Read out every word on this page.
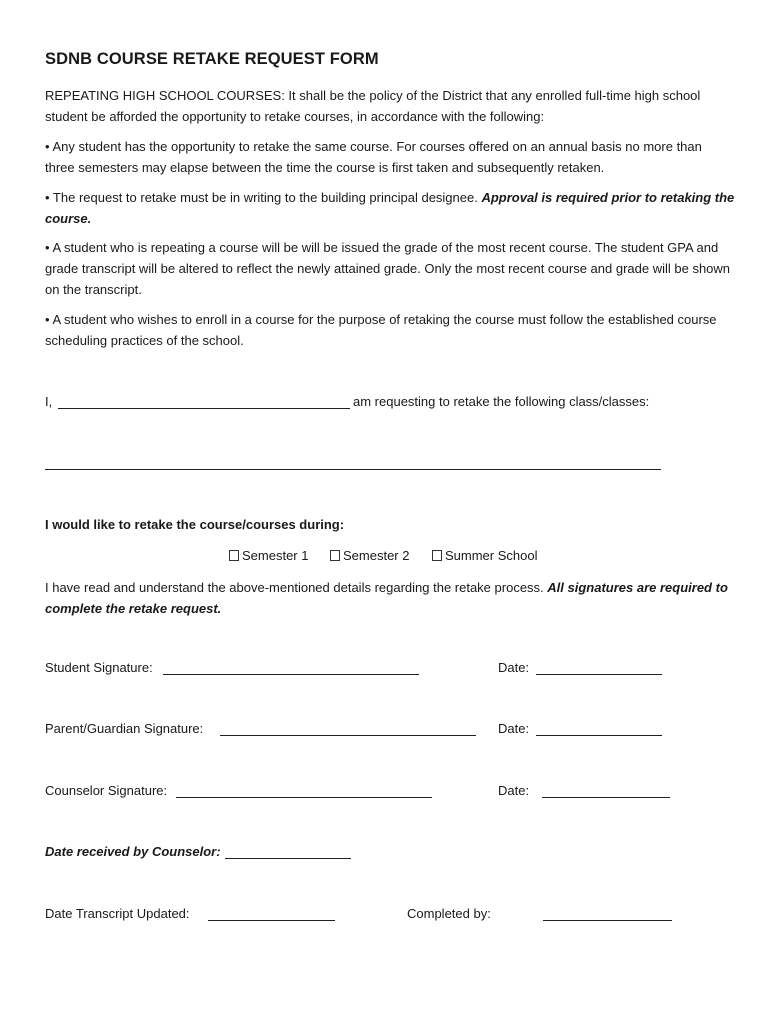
SDNB COURSE RETAKE REQUEST FORM
REPEATING HIGH SCHOOL COURSES: It shall be the policy of the District that any enrolled full-time high school student be afforded the opportunity to retake courses, in accordance with the following:
• Any student has the opportunity to retake the same course. For courses offered on an annual basis no more than three semesters may elapse between the time the course is first taken and subsequently retaken.
• The request to retake must be in writing to the building principal designee. Approval is required prior to retaking the course.
• A student who is repeating a course will be will be issued the grade of the most recent course. The student GPA and grade transcript will be altered to reflect the newly attained grade. Only the most recent course and grade will be shown on the transcript.
• A student who wishes to enroll in a course for the purpose of retaking the course must follow the established course scheduling practices of the school.
I,	am requesting to retake the following class/classes:
I would like to retake the course/courses during:
Semester 1	Semester 2	Summer School
I have read and understand the above-mentioned details regarding the retake process. All signatures are required to complete the retake request.
Student Signature:	Date:
Parent/Guardian Signature:	Date:
Counselor Signature:	Date:
Date received by Counselor:
Date Transcript Updated:	Completed by:
